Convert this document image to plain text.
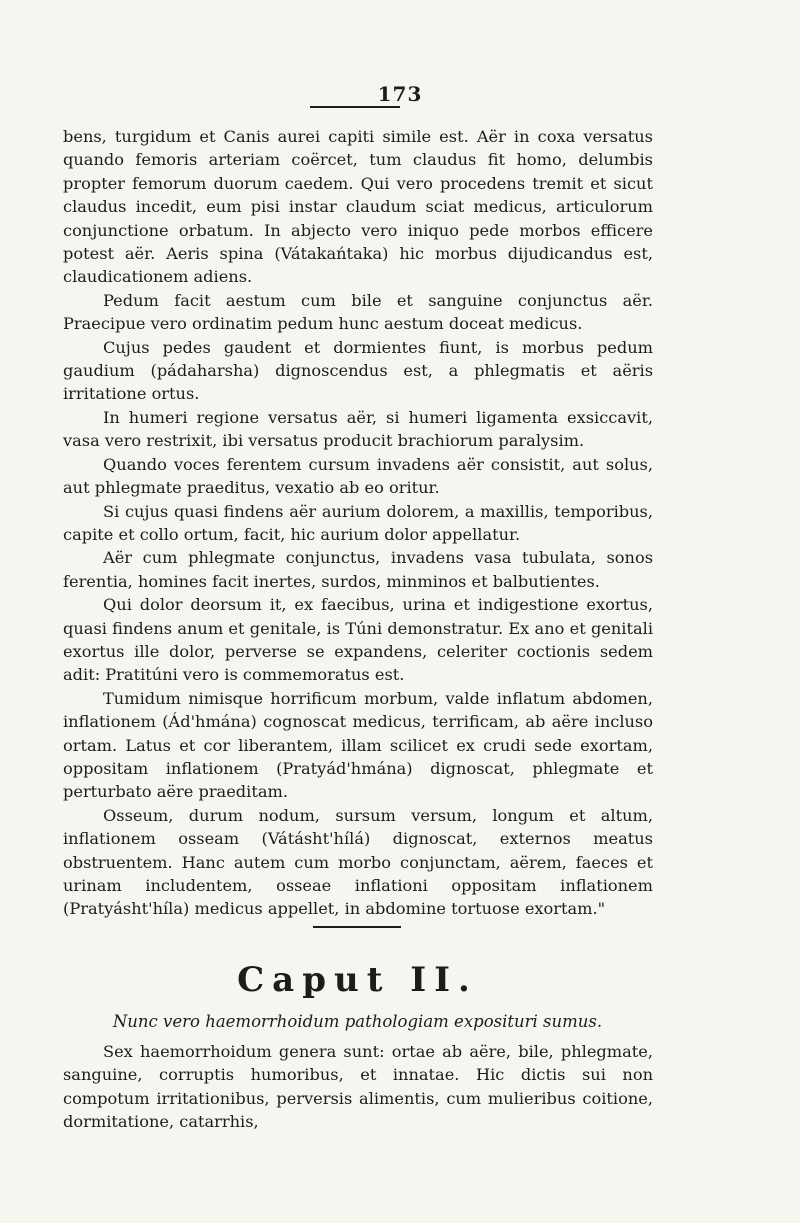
173

bens, turgidum et Canis aurei capiti simile est. Aër in coxa versatus quando femoris arteriam coërcet, tum claudus fit homo, delumbis propter femorum duorum caedem. Qui vero procedens tremit et sicut claudus incedit, eum pisi instar claudum sciat medicus, articulorum conjunctione orbatum. In abjecto vero iniquo pede morbos efficere potest aër. Aeris spina (Vátakańtaka) hic morbus dijudicandus est, claudicationem adiens.

Pedum facit aestum cum bile et sanguine conjunctus aër. Praecipue vero ordinatim pedum hunc aestum doceat medicus.

Cujus pedes gaudent et dormientes fiunt, is morbus pedum gaudium (pádaharsha) dignoscendus est, a phlegmatis et aëris irritatione ortus.

In humeri regione versatus aër, si humeri ligamenta exsiccavit, vasa vero restrixit, ibi versatus producit brachiorum paralysim.

Quando voces ferentem cursum invadens aër consistit, aut solus, aut phlegmate praeditus, vexatio ab eo oritur.

Si cujus quasi findens aër aurium dolorem, a maxillis, temporibus, capite et collo ortum, facit, hic aurium dolor appellatur.

Aër cum phlegmate conjunctus, invadens vasa tubulata, sonos ferentia, homines facit inertes, surdos, minminos et balbutientes.

Qui dolor deorsum it, ex faecibus, urina et indigestione exortus, quasi findens anum et genitale, is Túni demonstratur. Ex ano et genitali exortus ille dolor, perverse se expandens, celeriter coctionis sedem adit: Pratitúni vero is commemoratus est.

Tumidum nimisque horrificum morbum, valde inflatum abdomen, inflationem (Ád'hmána) cognoscat medicus, terrificam, ab aëre incluso ortam. Latus et cor liberantem, illam scilicet ex crudi sede exortam, oppositam inflationem (Pratyád'hmána) dignoscat, phlegmate et perturbato aëre praeditam.

Osseum, durum nodum, sursum versum, longum et altum, inflationem osseam (Vátásht'hílá) dignoscat, externos meatus obstruentem. Hanc autem cum morbo conjunctam, aërem, faeces et urinam includentem, osseae inflationi oppositam inflationem (Pratyásht'híla) medicus appellet, in abdomine tortuose exortam."

Caput II.
Nunc vero haemorrhoidum pathologiam exposituri sumus.

Sex haemorrhoidum genera sunt: ortae ab aëre, bile, phlegmate, sanguine, corruptis humoribus, et innatae. Hic dictis sui non compotum irritationibus, perversis alimentis, cum mulieribus coitione, dormitatione, catarrhis,
